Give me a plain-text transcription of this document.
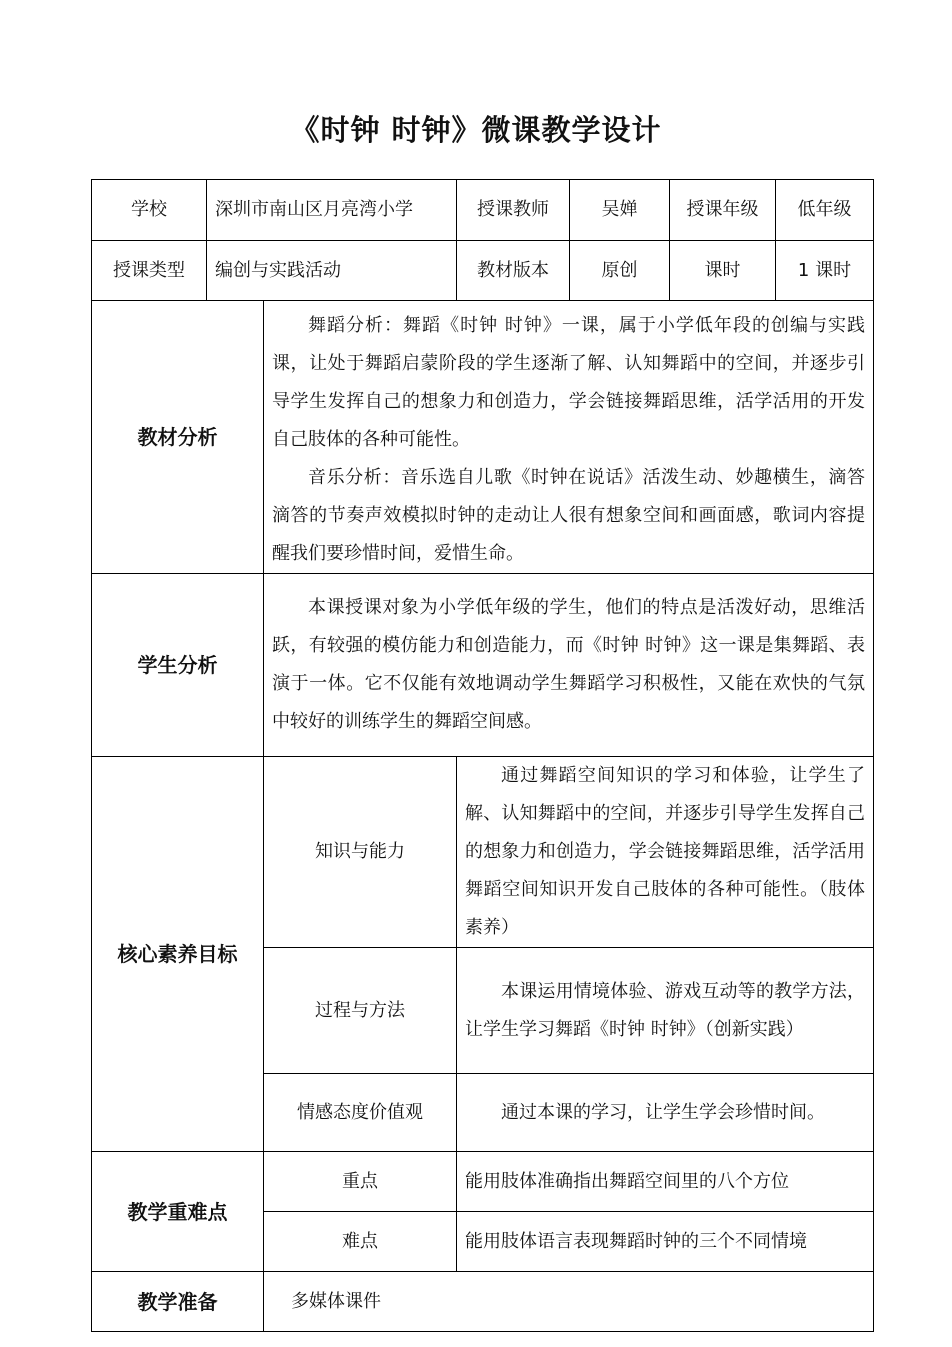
《时钟 时钟》微课教学设计
学校	深圳市南山区月亮湾小学		授课教师	吴婵	授课年级	低年级
授课类型	编创与实践活动		教材版本	原创	课时	1 课时
教材分析		舞蹈分析：舞蹈《时钟 时钟》一课，属于小学低年段的创编与实践课，让处于舞蹈启蒙阶段的学生逐渐了解、认知舞蹈中的空间，并逐步引导学生发挥自己的想象力和创造力，学会链接舞蹈思维，活学活用的开发自己肢体的各种可能性。

音乐分析：音乐选自儿歌《时钟在说话》活泼生动、妙趣横生，滴答滴答的节奏声效模拟时钟的走动让人很有想象空间和画面感，歌词内容提醒我们要珍惜时间，爱惜生命。				

学生分析		本课授课对象为小学低年级的学生，他们的特点是活泼好动，思维活跃，有较强的模仿能力和创造能力，而《时钟 时钟》这一课是集舞蹈、表演于一体。它不仅能有效地调动学生舞蹈学习积极性，又能在欢快的气氛中较好的训练学生的舞蹈空间感。				

核心素养目标		知识与能力	通过舞蹈空间知识的学习和体验，让学生了解、认知舞蹈中的空间，并逐步引导学生发挥自己的想象力和创造力，学会链接舞蹈思维，活学活用舞蹈空间知识开发自己肢体的各种可能性。（肢体素养）			

		过程与方法	本课运用情境体验、游戏互动等的教学方法，让学生学习舞蹈《时钟 时钟》（创新实践）			

		情感态度价值观	通过本课的学习，让学生学会珍惜时间。			

教学重难点		重点	能用肢体准确指出舞蹈空间里的八个方位			
		难点	能用肢体语言表现舞蹈时钟的三个不同情境			
教学准备		多媒体课件				
